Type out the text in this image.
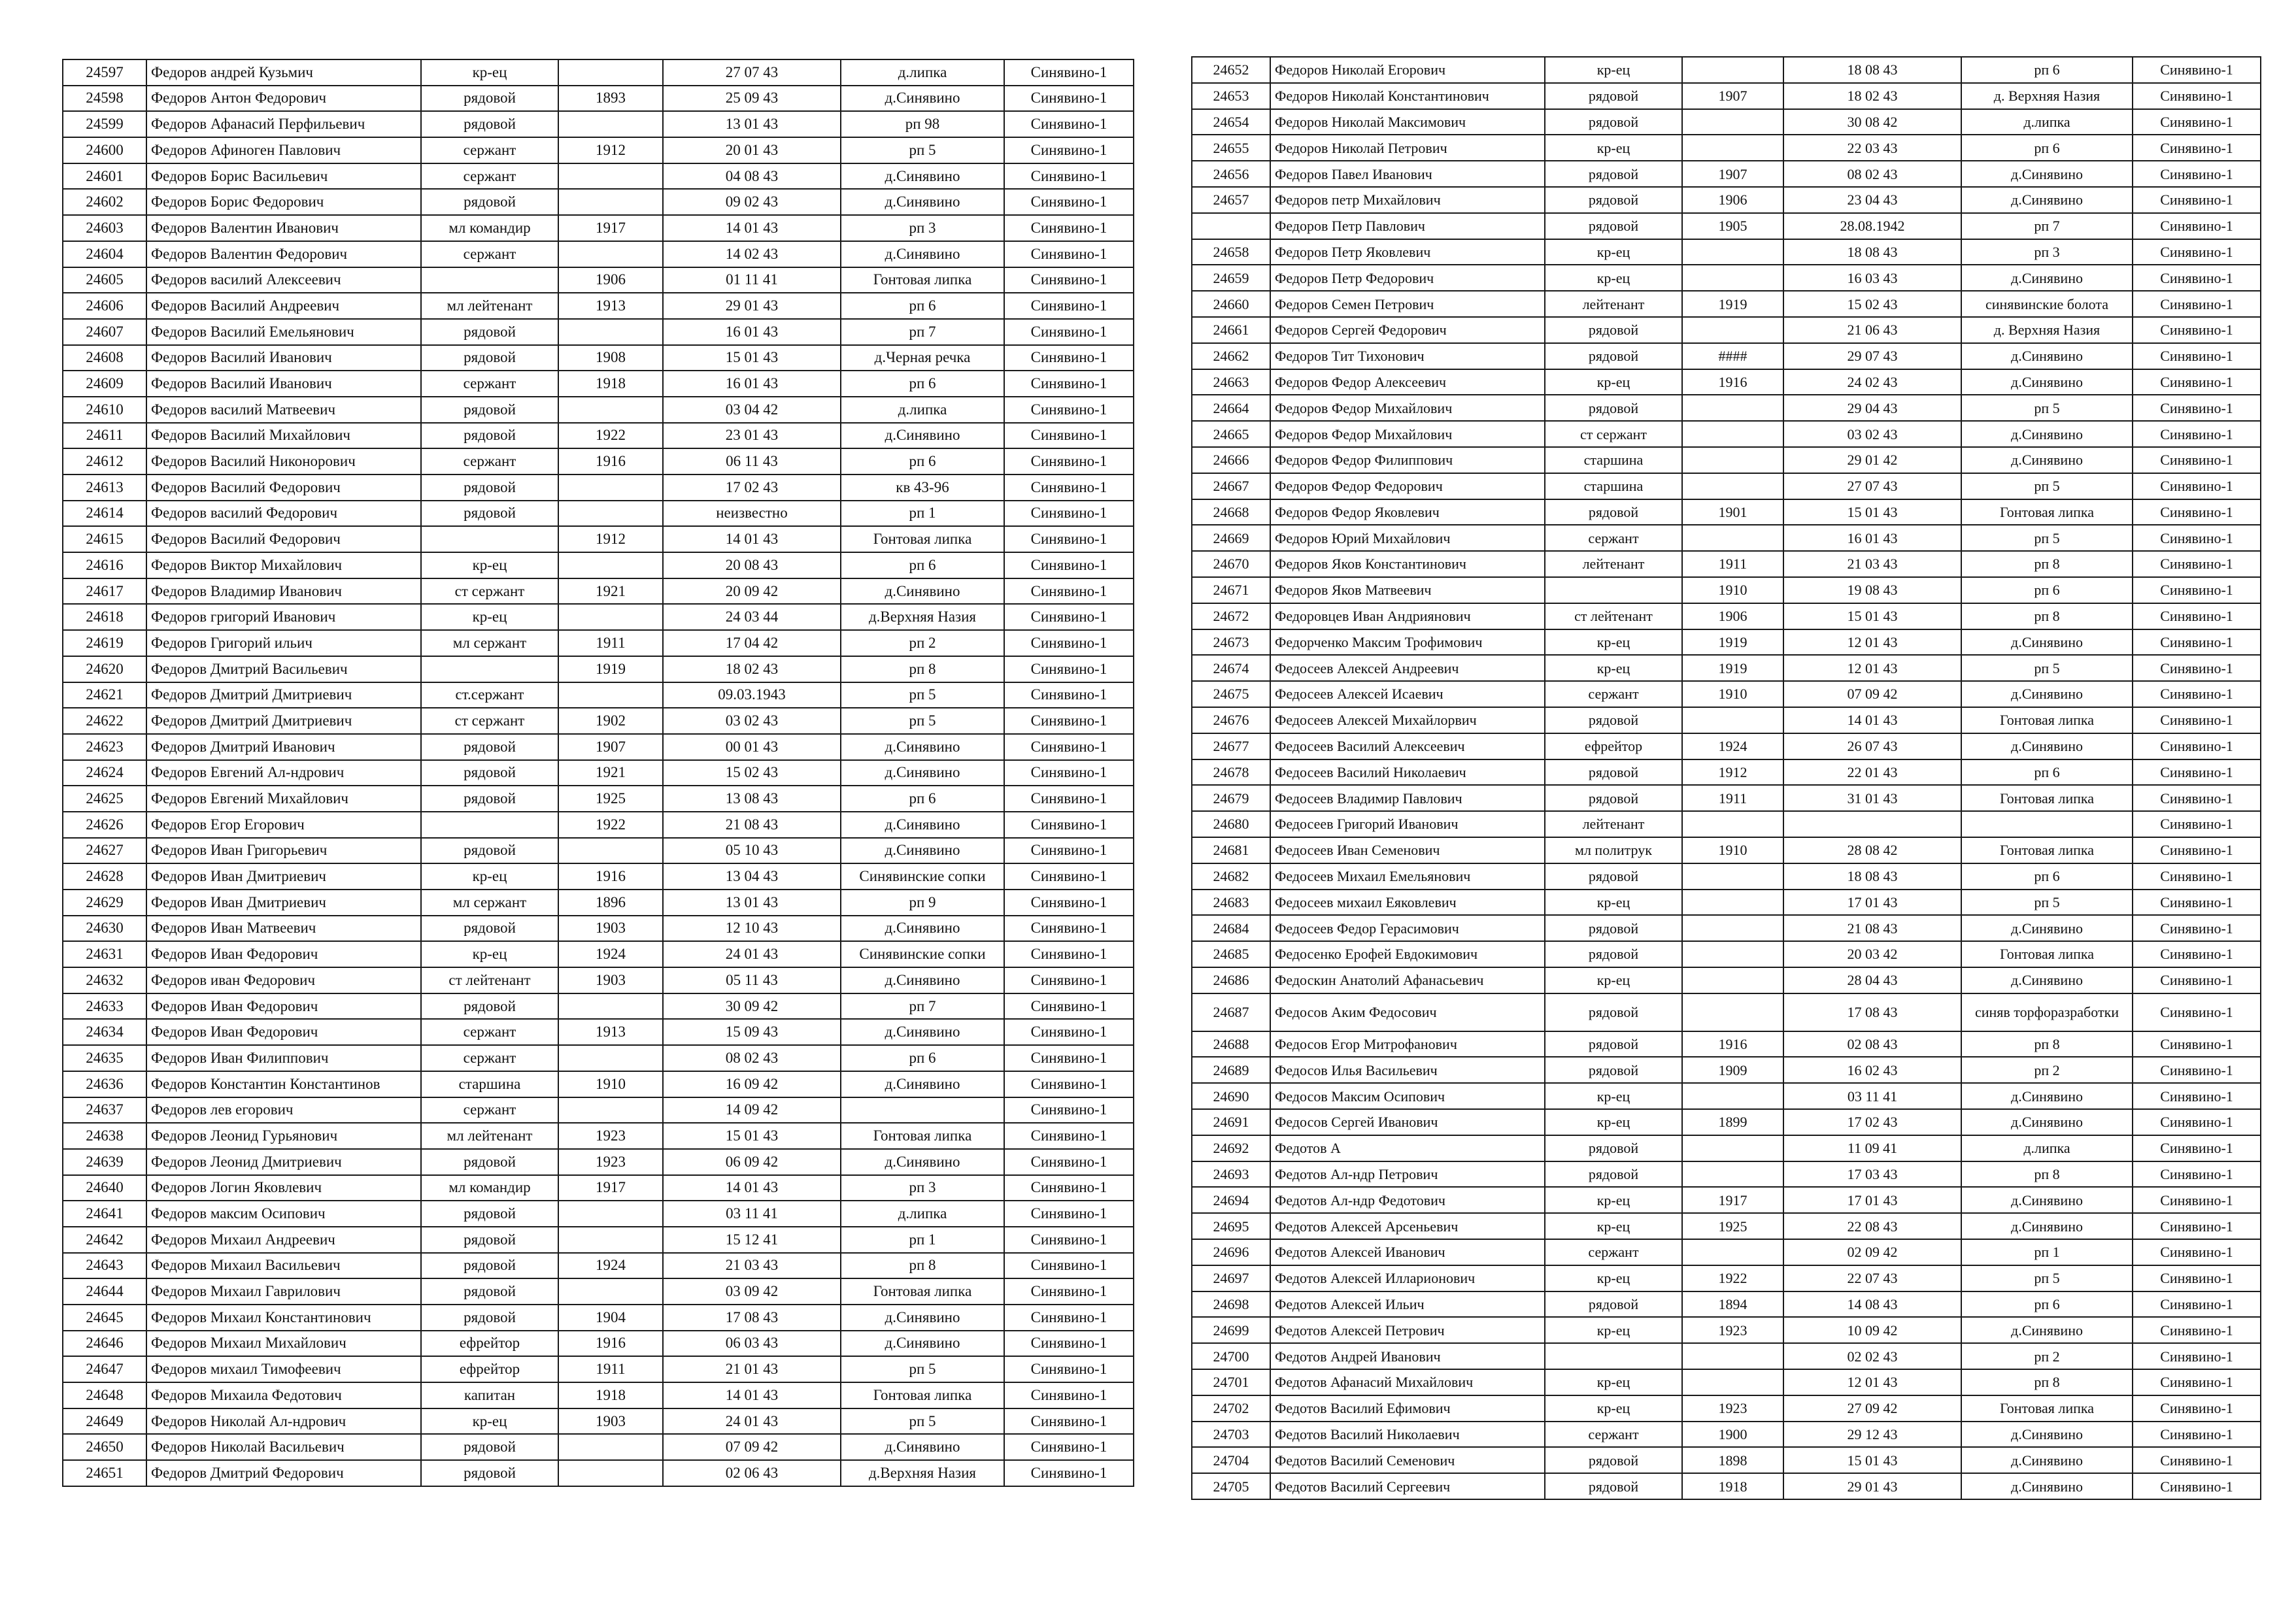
24597	Федоров андрей Кузьмич	кр-ец		27 07 43	д.липка	Синявино-1
24598	Федоров Антон Федорович	рядовой	1893	25 09 43	д.Синявино	Синявино-1
24599	Федоров Афанасий Перфильевич	рядовой		13 01 43	рп 98	Синявино-1
24600	Федоров Афиноген Павлович	сержант	1912	20 01 43	рп 5	Синявино-1
24601	Федоров Борис Васильевич	сержант		04 08 43	д.Синявино	Синявино-1
24602	Федоров Борис Федорович	рядовой		09 02 43	д.Синявино	Синявино-1
24603	Федоров Валентин Иванович	мл командир	1917	14 01 43	рп 3	Синявино-1
24604	Федоров Валентин Федорович	сержант		14 02 43	д.Синявино	Синявино-1
24605	Федоров василий Алексеевич		1906	01 11 41	Гонтовая липка	Синявино-1
24606	Федоров Василий Андреевич	мл лейтенант	1913	29 01 43	рп 6	Синявино-1
24607	Федоров Василий Емельянович	рядовой		16 01 43	рп 7	Синявино-1
24608	Федоров Василий Иванович	рядовой	1908	15 01 43	д.Черная речка	Синявино-1
24609	Федоров Василий Иванович	сержант	1918	16 01 43	рп 6	Синявино-1
24610	Федоров василий Матвеевич	рядовой		03 04 42	д.липка	Синявино-1
24611	Федоров Василий Михайлович	рядовой	1922	23 01 43	д.Синявино	Синявино-1
24612	Федоров Василий Никонорович	сержант	1916	06 11 43	рп 6	Синявино-1
24613	Федоров Василий Федорович	рядовой		17 02 43	кв 43-96	Синявино-1
24614	Федоров василий Федорович	рядовой		неизвестно	рп 1	Синявино-1
24615	Федоров Василий Федорович		1912	14 01 43	Гонтовая липка	Синявино-1
24616	Федоров Виктор Михайлович	кр-ец		20 08 43	рп 6	Синявино-1
24617	Федоров Владимир Иванович	ст сержант	1921	20 09 42	д.Синявино	Синявино-1
24618	Федоров григорий Иванович	кр-ец		24 03 44	д.Верхняя Назия	Синявино-1
24619	Федоров Григорий ильич	мл сержант	1911	17 04 42	рп 2	Синявино-1
24620	Федоров Дмитрий Васильевич		1919	18 02 43	рп 8	Синявино-1
24621	Федоров Дмитрий Дмитриевич	ст.сержант		09.03.1943	рп 5	Синявино-1
24622	Федоров Дмитрий Дмитриевич	ст сержант	1902	03 02 43	рп 5	Синявино-1
24623	Федоров Дмитрий Иванович	рядовой	1907	00 01 43	д.Синявино	Синявино-1
24624	Федоров Евгений Ал-ндрович	рядовой	1921	15 02 43	д.Синявино	Синявино-1
24625	Федоров Евгений Михайлович	рядовой	1925	13 08 43	рп 6	Синявино-1
24626	Федоров Егор Егорович		1922	21 08 43	д.Синявино	Синявино-1
24627	Федоров Иван Григорьевич	рядовой		05 10 43	д.Синявино	Синявино-1
24628	Федоров Иван Дмитриевич	кр-ец	1916	13 04 43	Синявинские сопки	Синявино-1
24629	Федоров Иван Дмитриевич	мл сержант	1896	13 01 43	рп 9	Синявино-1
24630	Федоров Иван Матвеевич	рядовой	1903	12 10 43	д.Синявино	Синявино-1
24631	Федоров Иван Федорович	кр-ец	1924	24 01 43	Синявинские сопки	Синявино-1
24632	Федоров иван Федорович	ст лейтенант	1903	05 11 43	д.Синявино	Синявино-1
24633	Федоров Иван Федорович	рядовой		30 09 42	рп 7	Синявино-1
24634	Федоров Иван Федорович	сержант	1913	15 09 43	д.Синявино	Синявино-1
24635	Федоров Иван Филиппович	сержант		08 02 43	рп 6	Синявино-1
24636	Федоров Константин Константинов	старшина	1910	16 09 42	д.Синявино	Синявино-1
24637	Федоров лев егорович	сержант		14 09 42		Синявино-1
24638	Федоров Леонид Гурьянович	мл лейтенант	1923	15 01 43	Гонтовая липка	Синявино-1
24639	Федоров Леонид Дмитриевич	рядовой	1923	06 09 42	д.Синявино	Синявино-1
24640	Федоров Логин Яковлевич	мл командир	1917	14 01 43	рп 3	Синявино-1
24641	Федоров максим Осипович	рядовой		03 11 41	д.липка	Синявино-1
24642	Федоров Михаил Андреевич	рядовой		15 12 41	рп 1	Синявино-1
24643	Федоров Михаил Васильевич	рядовой	1924	21 03 43	рп 8	Синявино-1
24644	Федоров Михаил Гаврилович	рядовой		03 09 42	Гонтовая липка	Синявино-1
24645	Федоров Михаил Константинович	рядовой	1904	17 08 43	д.Синявино	Синявино-1
24646	Федоров Михаил Михайлович	ефрейтор	1916	06 03 43	д.Синявино	Синявино-1
24647	Федоров михаил Тимофеевич	ефрейтор	1911	21 01 43	рп 5	Синявино-1
24648	Федоров Михаила Федотович	капитан	1918	14 01 43	Гонтовая липка	Синявино-1
24649	Федоров Николай Ал-ндрович	кр-ец	1903	24 01 43	рп 5	Синявино-1
24650	Федоров Николай Васильевич	рядовой		07 09 42	д.Синявино	Синявино-1
24651	Федоров Дмитрий Федорович	рядовой		02 06 43	д.Верхняя Назия	Синявино-1
24652	Федоров Николай Егорович	кр-ец		18 08 43	рп 6	Синявино-1
24653	Федоров Николай Константинович	рядовой	1907	18 02 43	д. Верхняя Назия	Синявино-1
24654	Федоров Николай Максимович	рядовой		30 08 42	д.липка	Синявино-1
24655	Федоров Николай Петрович	кр-ец		22 03 43	рп 6	Синявино-1
24656	Федоров Павел Иванович	рядовой	1907	08 02 43	д.Синявино	Синявино-1
24657	Федоров петр Михайлович	рядовой	1906	23 04 43	д.Синявино	Синявино-1
	Федоров Петр Павлович	рядовой	1905	28.08.1942	рп 7	Синявино-1
24658	Федоров Петр Яковлевич	кр-ец		18 08 43	рп 3	Синявино-1
24659	Федоров Петр Федорович	кр-ец		16 03 43	д.Синявино	Синявино-1
24660	Федоров Семен Петрович	лейтенант	1919	15 02 43	синявинские болота	Синявино-1
24661	Федоров Сергей Федорович	рядовой		21 06 43	д. Верхняя Назия	Синявино-1
24662	Федоров Тит Тихонович	рядовой	####	29 07 43	д.Синявино	Синявино-1
24663	Федоров Федор Алексеевич	кр-ец	1916	24 02 43	д.Синявино	Синявино-1
24664	Федоров Федор Михайлович	рядовой		29 04 43	рп 5	Синявино-1
24665	Федоров Федор Михайлович	ст сержант		03 02 43	д.Синявино	Синявино-1
24666	Федоров Федор Филиппович	старшина		29 01 42	д.Синявино	Синявино-1
24667	Федоров Федор Федорович	старшина		27 07 43	рп 5	Синявино-1
24668	Федоров Федор Яковлевич	рядовой	1901	15 01 43	Гонтовая липка	Синявино-1
24669	Федоров Юрий Михайлович	сержант		16 01 43	рп 5	Синявино-1
24670	Федоров Яков Константинович	лейтенант	1911	21 03 43	рп 8	Синявино-1
24671	Федоров Яков Матвеевич		1910	19 08 43	рп 6	Синявино-1
24672	Федоровцев Иван Андриянович	ст лейтенант	1906	15 01 43	рп 8	Синявино-1
24673	Федорченко Максим Трофимович	кр-ец	1919	12 01 43	д.Синявино	Синявино-1
24674	Федосеев Алексей Андреевич	кр-ец	1919	12 01 43	рп 5	Синявино-1
24675	Федосеев Алексей Исаевич	сержант	1910	07 09 42	д.Синявино	Синявино-1
24676	Федосеев Алексей Михайлорвич	рядовой		14 01 43	Гонтовая липка	Синявино-1
24677	Федосеев Василий Алексеевич	ефрейтор	1924	26 07 43	д.Синявино	Синявино-1
24678	Федосеев Василий Николаевич	рядовой	1912	22 01 43	рп 6	Синявино-1
24679	Федосеев Владимир Павлович	рядовой	1911	31 01 43	Гонтовая липка	Синявино-1
24680	Федосеев Григорий Иванович	лейтенант				Синявино-1
24681	Федосеев Иван Семенович	мл политрук	1910	28 08 42	Гонтовая липка	Синявино-1
24682	Федосеев Михаил Емельянович	рядовой		18 08 43	рп 6	Синявино-1
24683	Федосеев михаил Еяковлевич	кр-ец		17 01 43	рп 5	Синявино-1
24684	Федосеев Федор Герасимович	рядовой		21 08 43	д.Синявино	Синявино-1
24685	Федосенко Ерофей Евдокимович	рядовой		20 03 42	Гонтовая липка	Синявино-1
24686	Федоскин Анатолий Афанасьевич	кр-ец		28 04 43	д.Синявино	Синявино-1
24687	Федосов Аким Федосович	рядовой		17 08 43	синяв торфоразработки	Синявино-1
24688	Федосов Егор Митрофанович	рядовой	1916	02 08 43	рп 8	Синявино-1
24689	Федосов Илья Васильевич	рядовой	1909	16 02 43	рп 2	Синявино-1
24690	Федосов Максим Осипович	кр-ец		03 11 41	д.Синявино	Синявино-1
24691	Федосов Сергей Иванович	кр-ец	1899	17 02 43	д.Синявино	Синявино-1
24692	Федотов А	рядовой		11 09 41	д.липка	Синявино-1
24693	Федотов Ал-ндр Петрович	рядовой		17 03 43	рп 8	Синявино-1
24694	Федотов Ал-ндр Федотович	кр-ец	1917	17 01 43	д.Синявино	Синявино-1
24695	Федотов Алексей Арсеньевич	кр-ец	1925	22 08 43	д.Синявино	Синявино-1
24696	Федотов Алексей Иванович	сержант		02 09 42	рп 1	Синявино-1
24697	Федотов Алексей Илларионович	кр-ец	1922	22 07 43	рп 5	Синявино-1
24698	Федотов Алексей Ильич	рядовой	1894	14 08 43	рп 6	Синявино-1
24699	Федотов Алексей Петрович	кр-ец	1923	10 09 42	д.Синявино	Синявино-1
24700	Федотов Андрей Иванович			02 02 43	рп 2	Синявино-1
24701	Федотов Афанасий Михайлович	кр-ец		12 01 43	рп 8	Синявино-1
24702	Федотов Василий Ефимович	кр-ец	1923	27 09 42	Гонтовая липка	Синявино-1
24703	Федотов Василий Николаевич	сержант	1900	29 12 43	д.Синявино	Синявино-1
24704	Федотов Василий Семенович	рядовой	1898	15 01 43	д.Синявино	Синявино-1
24705	Федотов Василий Сергеевич	рядовой	1918	29 01 43	д.Синявино	Синявино-1
